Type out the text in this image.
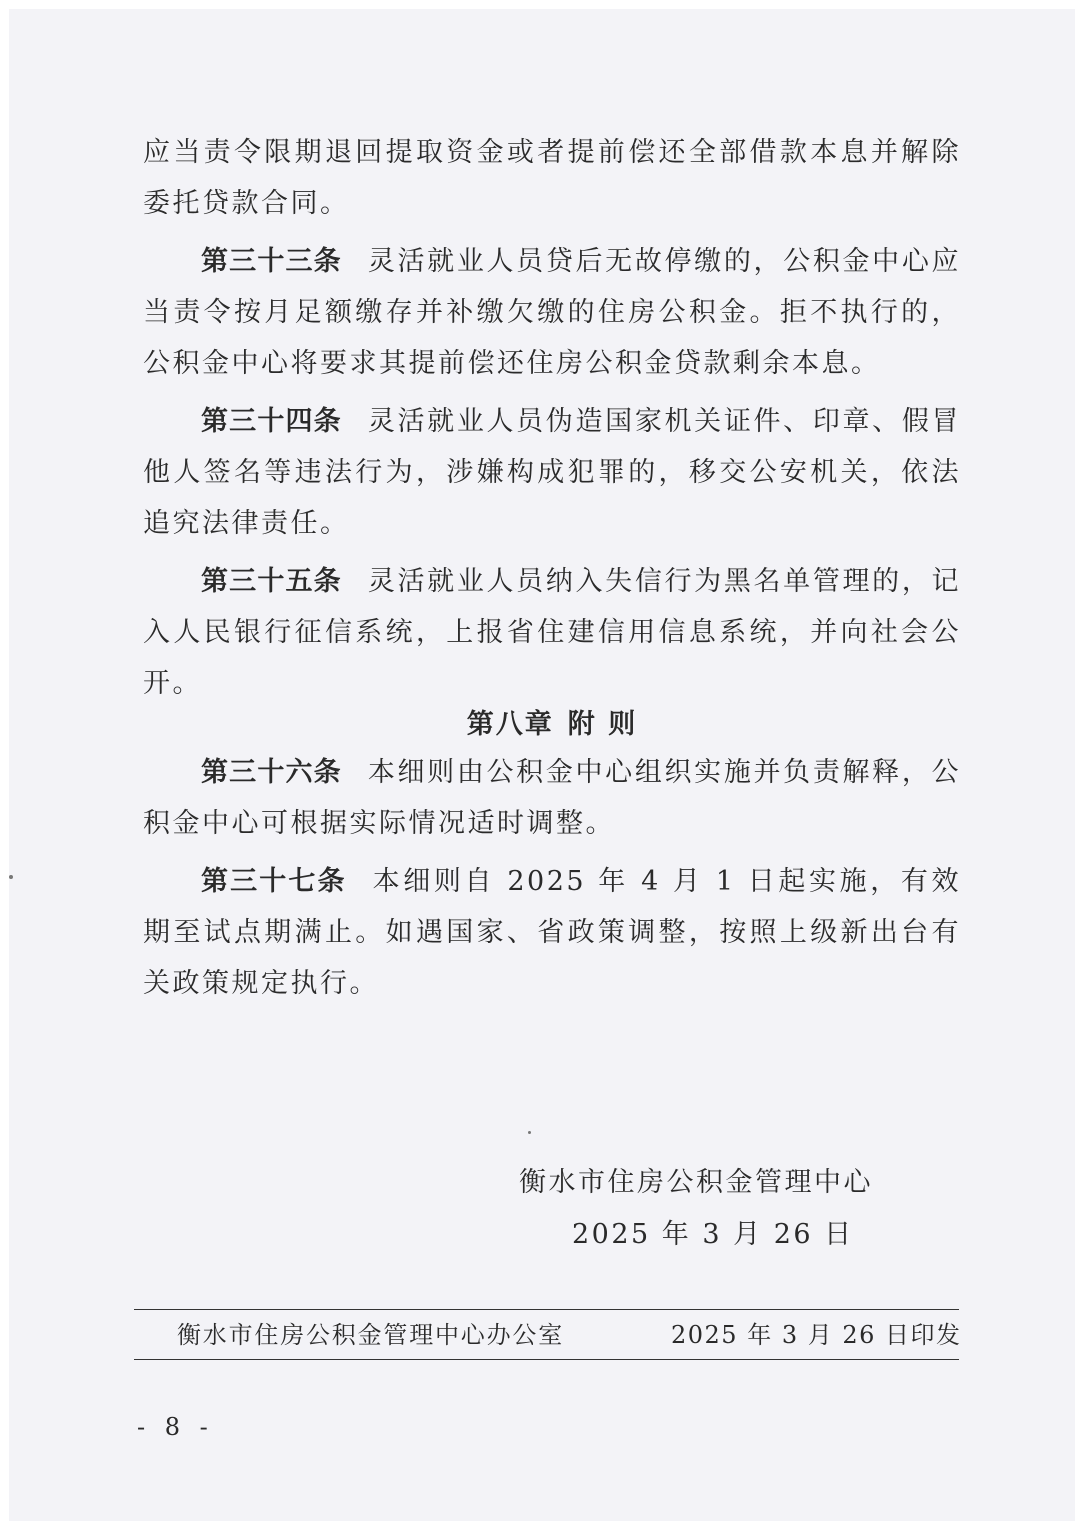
应当责令限期退回提取资金或者提前偿还全部借款本息并解除委托贷款合同。

第三十三条 灵活就业人员贷后无故停缴的，公积金中心应当责令按月足额缴存并补缴欠缴的住房公积金。拒不执行的，公积金中心将要求其提前偿还住房公积金贷款剩余本息。

第三十四条 灵活就业人员伪造国家机关证件、印章、假冒他人签名等违法行为，涉嫌构成犯罪的，移交公安机关，依法追究法律责任。

第三十五条 灵活就业人员纳入失信行为黑名单管理的，记入人民银行征信系统，上报省住建信用信息系统，并向社会公开。

第八章 附 则

第三十六条 本细则由公积金中心组织实施并负责解释，公积金中心可根据实际情况适时调整。

第三十七条 本细则自 2025 年 4 月 1 日起实施，有效期至试点期满止。如遇国家、省政策调整，按照上级新出台有关政策规定执行。

衡水市住房公积金管理中心
2025 年 3 月 26 日
衡水市住房公积金管理中心办公室	2025 年 3 月 26 日印发
- 8 -
